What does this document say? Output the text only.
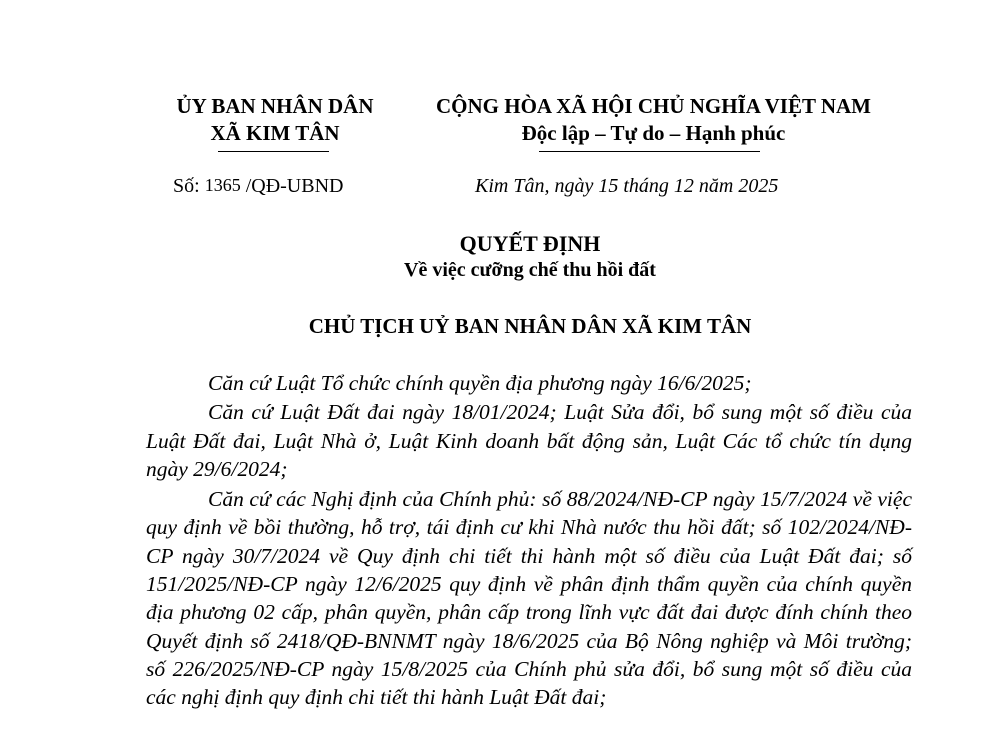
ỦY BAN NHÂN DÂN
XÃ KIM TÂN
CỘNG HÒA XÃ HỘI CHỦ NGHĨA VIỆT NAM
Độc lập – Tự do – Hạnh phúc
Số: 1365 /QĐ-UBND	Kim Tân, ngày 15 tháng 12 năm 2025
QUYẾT ĐỊNH
Về việc cưỡng chế thu hồi đất
CHỦ TỊCH UỶ BAN NHÂN DÂN XÃ KIM TÂN

Căn cứ Luật Tổ chức chính quyền địa phương ngày 16/6/2025;

Căn cứ Luật Đất đai ngày 18/01/2024; Luật Sửa đổi, bổ sung một số điều của Luật Đất đai, Luật Nhà ở, Luật Kinh doanh bất động sản, Luật Các tổ chức tín dụng ngày 29/6/2024;

Căn cứ các Nghị định của Chính phủ: số 88/2024/NĐ-CP ngày 15/7/2024 về việc quy định về bồi thường, hỗ trợ, tái định cư khi Nhà nước thu hồi đất; số 102/2024/NĐ-CP ngày 30/7/2024 về Quy định chi tiết thi hành một số điều của Luật Đất đai; số 151/2025/NĐ-CP ngày 12/6/2025 quy định về phân định thẩm quyền của chính quyền địa phương 02 cấp, phân quyền, phân cấp trong lĩnh vực đất đai được đính chính theo Quyết định số 2418/QĐ-BNNMT ngày 18/6/2025 của Bộ Nông nghiệp và Môi trường; số 226/2025/NĐ-CP ngày 15/8/2025 của Chính phủ sửa đổi, bổ sung một số điều của các nghị định quy định chi tiết thi hành Luật Đất đai;
